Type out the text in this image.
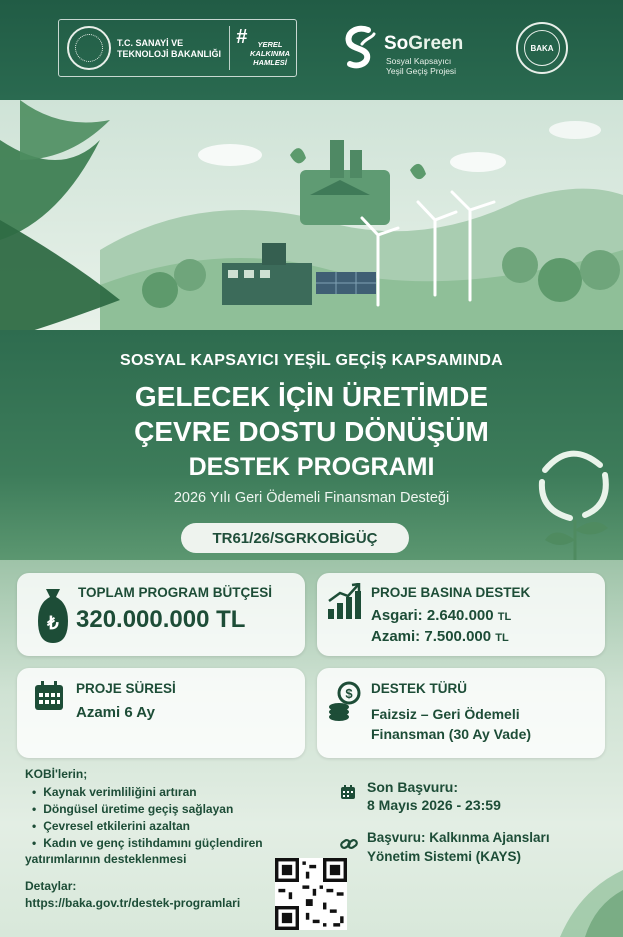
T.C. SANAYİ VE
TEKNOLOJİ BAKANLIĞI
#	YEREL
KALKINMA
HAMLESİ
SoGreen
Sosyal Kapsayıcı
Yeşil Geçiş Projesi
BAKA
SOSYAL KAPSAYICI YEŞİL GEÇİŞ KAPSAMINDA
GELECEK İÇİN ÜRETİMDE
ÇEVRE DOSTU DÖNÜŞÜM
DESTEK PROGRAMI
2026 Yılı Geri Ödemeli Finansman Desteği
TR61/26/SGRKOBİGÜÇ
₺
TOPLAM PROGRAM BÜTÇESİ
320.000.000 TL
PROJE BASINA DESTEK
Asgari: 2.640.000 TL
Azami: 7.500.000 TL
PROJE SÜRESİ
Azami 6 Ay
$ DESTEK TÜRÜ
Faizsiz – Geri Ödemeli
Finansman (30 Ay Vade)
KOBİ'lerin;
• Kaynak verimliliğini artıran
• Döngüsel üretime geçiş sağlayan
• Çevresel etkilerini azaltan
• Kadın ve genç istihdamını güçlendiren
yatırımlarının desteklenmesi
Detaylar:
https://baka.gov.tr/destek-programlari
Son Başvuru:
8 Mayıs 2026 - 23:59
Başvuru: Kalkınma Ajansları
Yönetim Sistemi (KAYS)
